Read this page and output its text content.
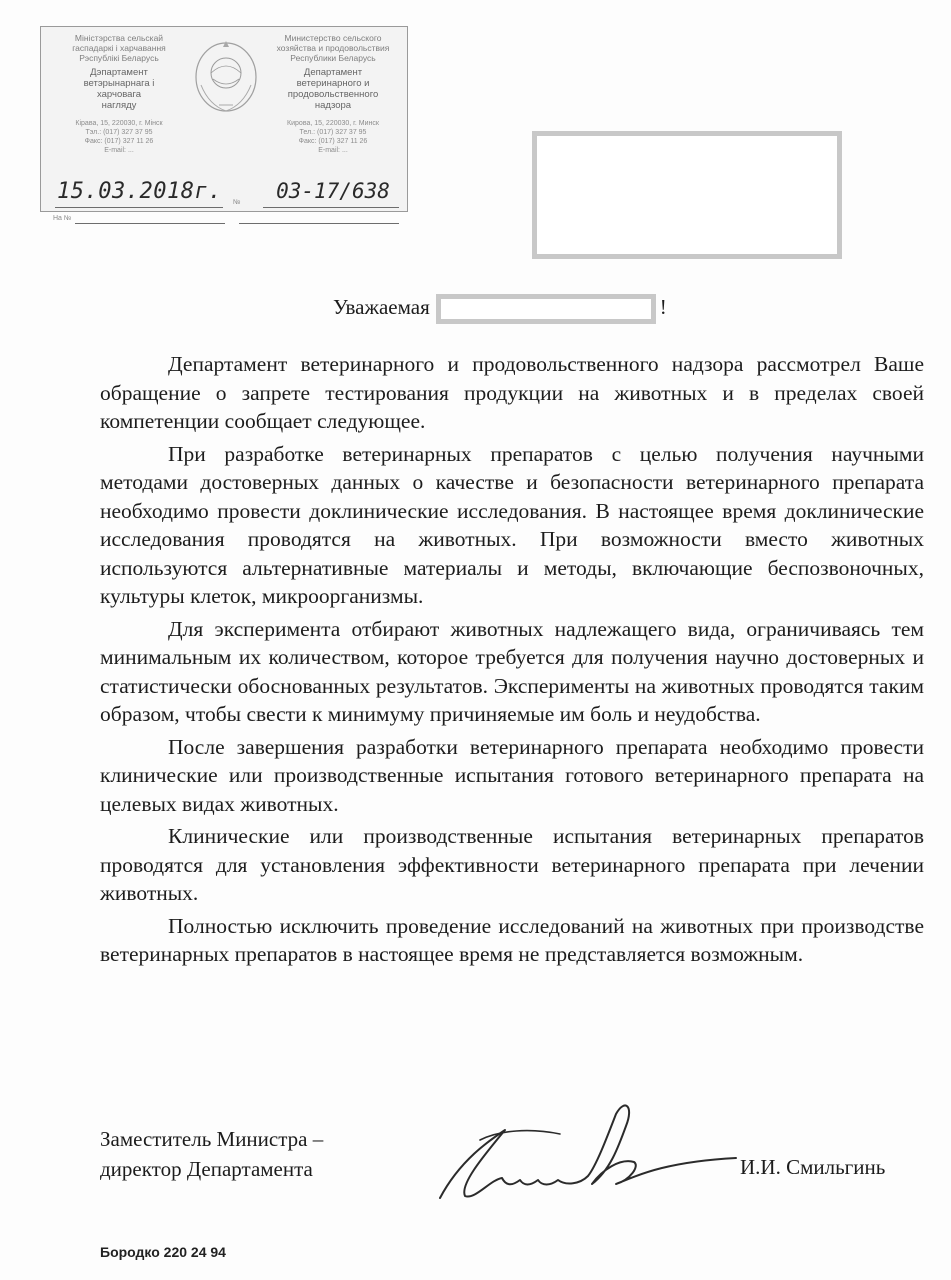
Міністэрства сельскай
гаспадаркі і харчавання
Рэспублікі Беларусь
Дэпартамент
ветэрынарнага і
харчовага
нагляду
Кірава, 15, 220030, г. Мінск
Тэл.: (017) 327 37 95
Факс: (017) 327 11 26
E-mail: ...
Министерство сельского
хозяйства и продовольствия
Республики Беларусь
Департамент
ветеринарного и
продовольственного
надзора
Кирова, 15, 220030, г. Минск
Тел.: (017) 327 37 95
Факс: (017) 327 11 26
E-mail: ...
15.03.2018г.	№	03-17/638
На №
Уважаемая	!

Департамент ветеринарного и продовольственного надзора рассмотрел Ваше обращение о запрете тестирования продукции на животных и в пределах своей компетенции сообщает следующее.

При разработке ветеринарных препаратов с целью получения научными методами достоверных данных о качестве и безопасности ветеринарного препарата необходимо провести доклинические исследования. В настоящее время доклинические исследования проводятся на животных. При возможности вместо животных используются альтернативные материалы и методы, включающие беспозвоночных, культуры клеток, микроорганизмы.

Для эксперимента отбирают животных надлежащего вида, ограничиваясь тем минимальным их количеством, которое требуется для получения научно достоверных и статистически обоснованных результатов. Эксперименты на животных проводятся таким образом, чтобы свести к минимуму причиняемые им боль и неудобства.

После завершения разработки ветеринарного препарата необходимо провести клинические или производственные испытания готового ветеринарного препарата на целевых видах животных.

Клинические или производственные испытания ветеринарных препаратов проводятся для установления эффективности ветеринарного препарата при лечении животных.

Полностью исключить проведение исследований на животных при производстве ветеринарных препаратов в настоящее время не представляется возможным.

Заместитель Министра –
директор Департамента	И.И. Смильгинь
Бородко 220 24 94
